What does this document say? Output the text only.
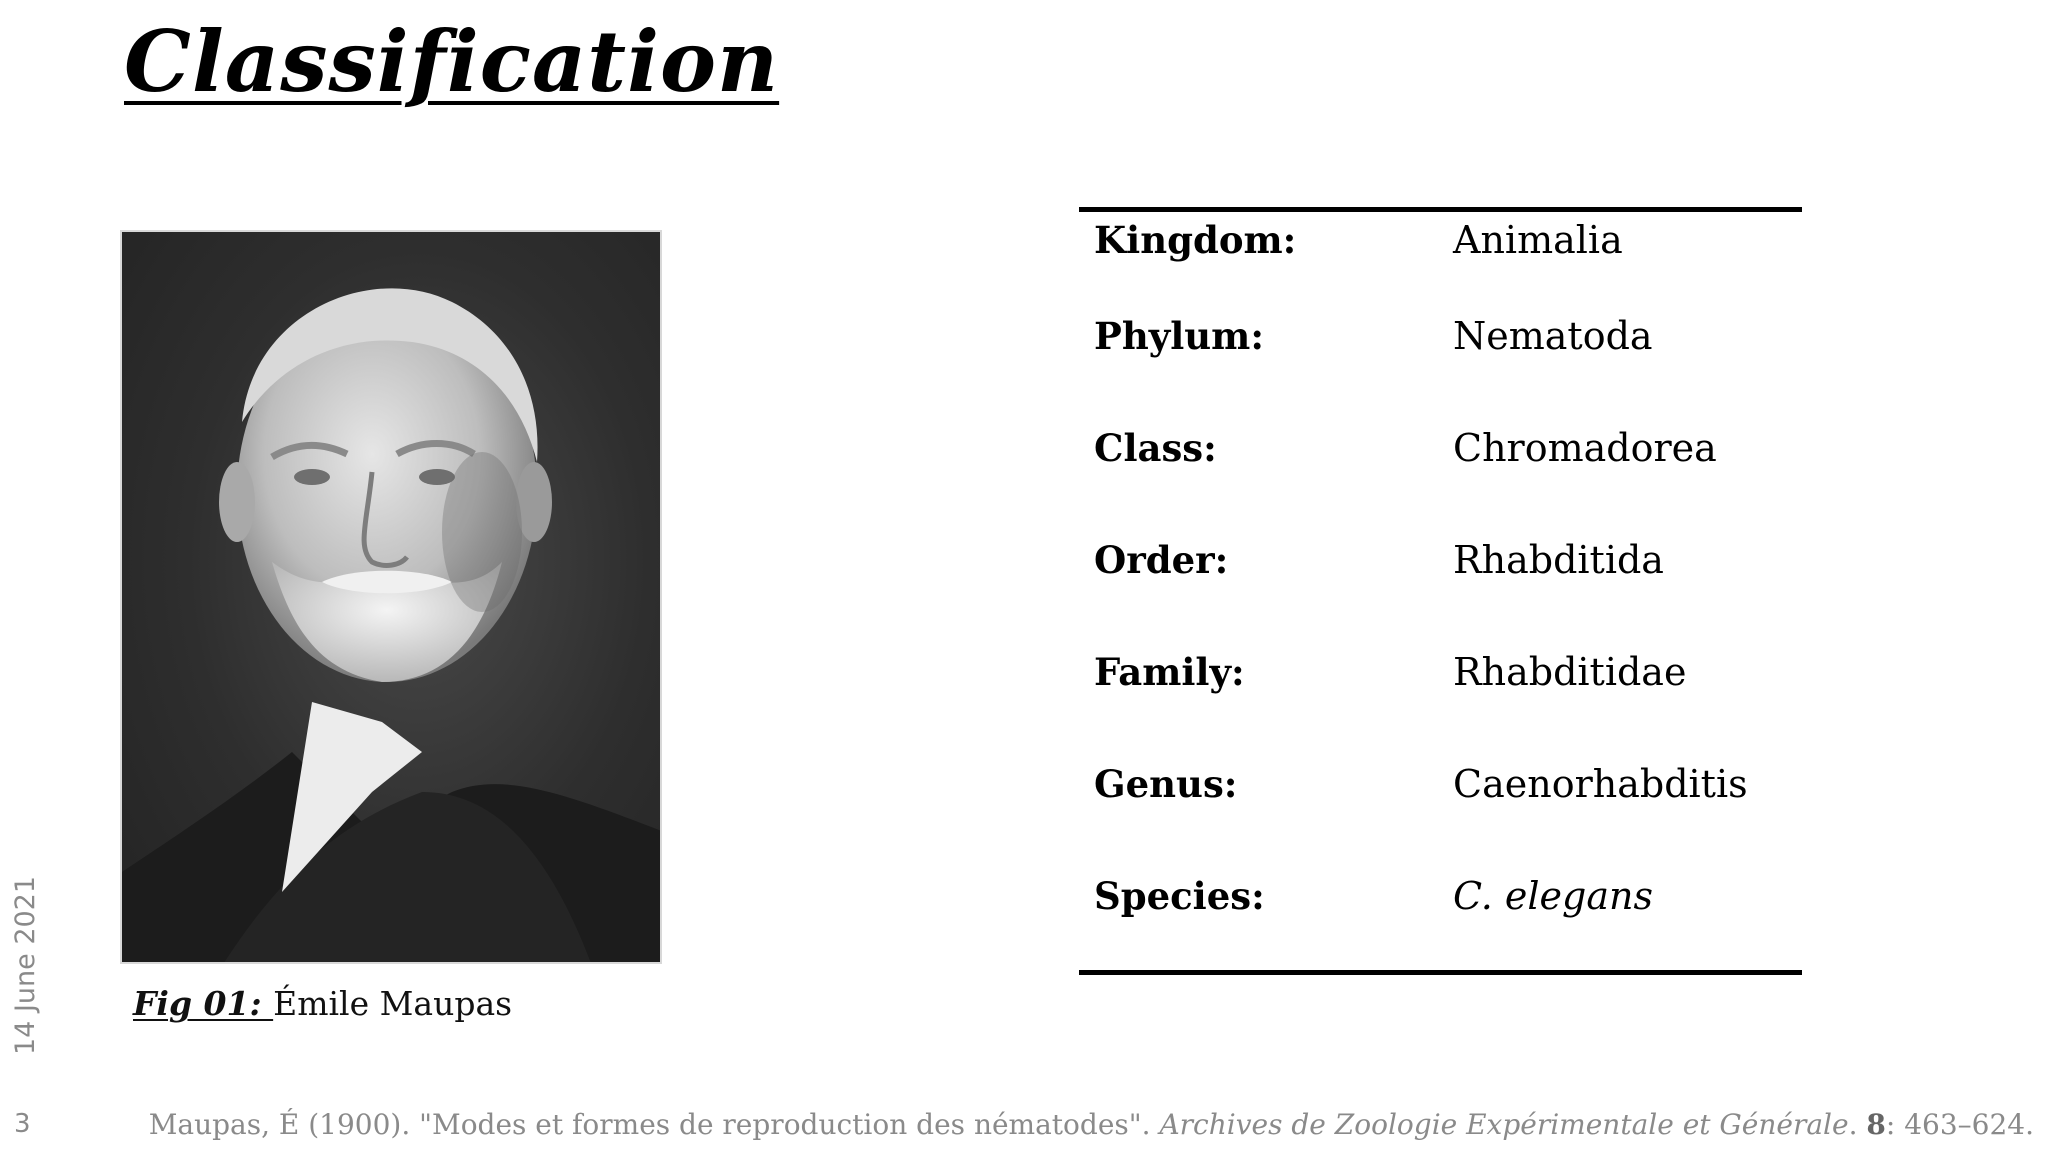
Classification
Fig 01: Émile Maupas
Kingdom:	Animalia
Phylum:	Nematoda
Class:	Chromadorea
Order:	Rhabditida
Family:	Rhabditidae
Genus:	Caenorhabditis
Species:	C. elegans
14 June 2021
3	Maupas, É (1900). "Modes et formes de reproduction des nématodes". Archives de Zoologie Expérimentale et Générale. 8: 463–624.
